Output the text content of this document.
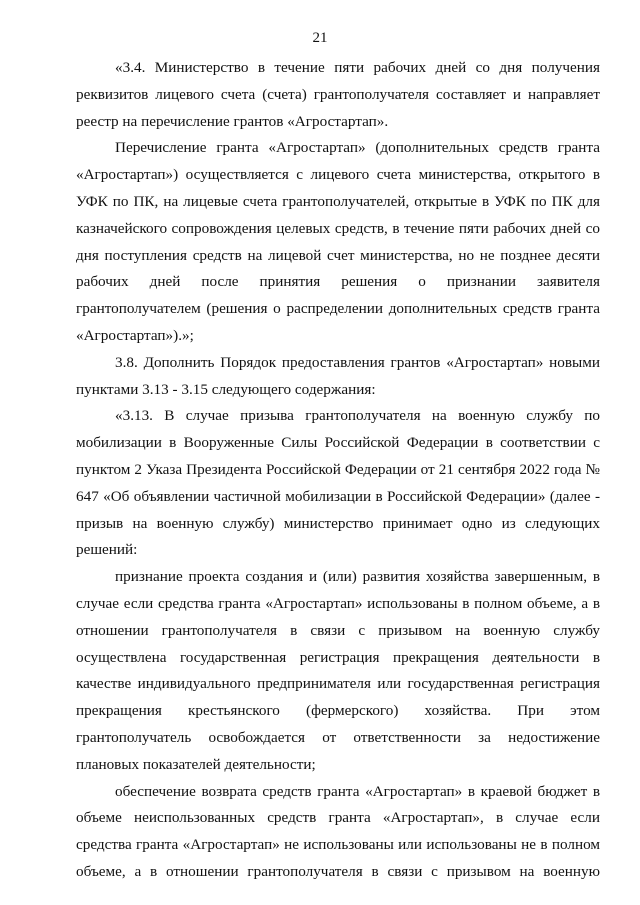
21

«3.4. Министерство в течение пяти рабочих дней со дня получения реквизитов лицевого счета (счета) грантополучателя составляет и направляет реестр на перечисление грантов «Агростартап».

Перечисление гранта «Агростартап» (дополнительных средств гранта «Агростартап») осуществляется с лицевого счета министерства, открытого в УФК по ПК, на лицевые счета грантополучателей, открытые в УФК по ПК для казначейского сопровождения целевых средств, в течение пяти рабочих дней со дня поступления средств на лицевой счет министерства, но не позднее десяти рабочих дней после принятия решения о признании заявителя грантополучателем (решения о распределении дополнительных средств гранта «Агростартап»).»;

3.8. Дополнить Порядок предоставления грантов «Агростартап» новыми пунктами 3.13 - 3.15 следующего содержания:

«3.13. В случае призыва грантополучателя на военную службу по мобилизации в Вооруженные Силы Российской Федерации в соответствии с пунктом 2 Указа Президента Российской Федерации от 21 сентября 2022 года № 647 «Об объявлении частичной мобилизации в Российской Федерации» (далее - призыв на военную службу) министерство принимает одно из следующих решений:

признание проекта создания и (или) развития хозяйства завершенным, в случае если средства гранта «Агростартап» использованы в полном объеме, а в отношении грантополучателя в связи с призывом на военную службу осуществлена государственная регистрация прекращения деятельности в качестве индивидуального предпринимателя или государственная регистрация прекращения крестьянского (фермерского) хозяйства. При этом грантополучатель освобождается от ответственности за недостижение плановых показателей деятельности;

обеспечение возврата средств гранта «Агростартап» в краевой бюджет в объеме неиспользованных средств гранта «Агростартап», в случае если средства гранта «Агростартап» не использованы или использованы не в полном объеме, а в отношении грантополучателя в связи с призывом на военную
